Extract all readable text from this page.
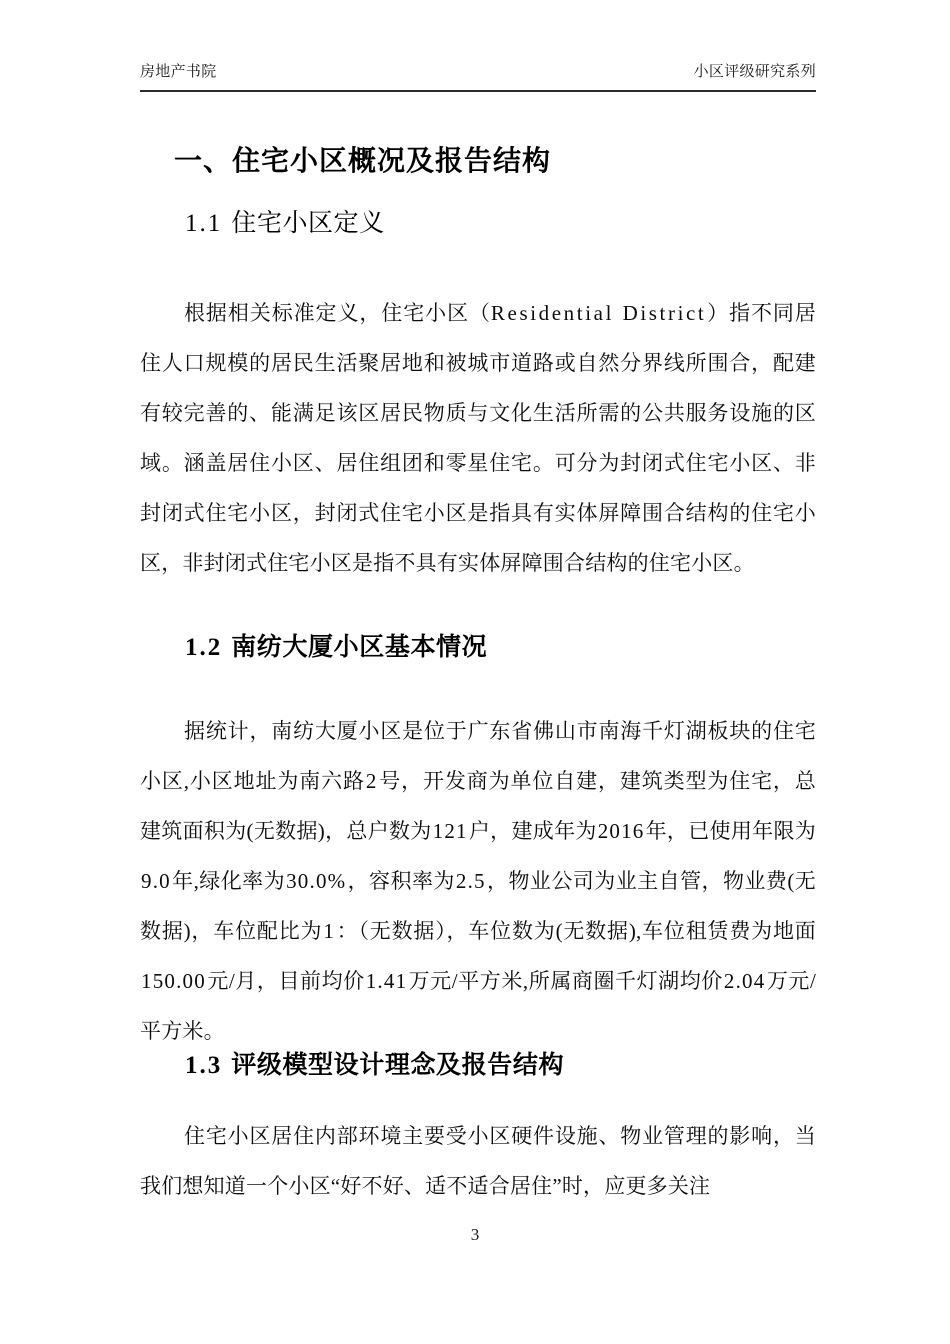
房地产书院	小区评级研究系列
一、住宅小区概况及报告结构
1.1 住宅小区定义

根据相关标准定义，住宅小区（Residential District）指不同居住人口规模的居民生活聚居地和被城市道路或自然分界线所围合，配建有较完善的、能满足该区居民物质与文化生活所需的公共服务设施的区域。涵盖居住小区、居住组团和零星住宅。可分为封闭式住宅小区、非封闭式住宅小区，封闭式住宅小区是指具有实体屏障围合结构的住宅小区，非封闭式住宅小区是指不具有实体屏障围合结构的住宅小区。

1.2 南纺大厦小区基本情况

据统计，南纺大厦小区是位于广东省佛山市南海千灯湖板块的住宅小区,小区地址为南六路2号，开发商为单位自建，建筑类型为住宅，总建筑面积为(无数据)，总户数为121户，建成年为2016年，已使用年限为9.0年,绿化率为30.0%，容积率为2.5，物业公司为业主自管，物业费(无数据)，车位配比为1：（无数据），车位数为(无数据),车位租赁费为地面150.00元/月，目前均价1.41万元/平方米,所属商圈千灯湖均价2.04万元/平方米。

1.3 评级模型设计理念及报告结构

住宅小区居住内部环境主要受小区硬件设施、物业管理的影响，当我们想知道一个小区“好不好、适不适合居住”时，应更多关注

3
